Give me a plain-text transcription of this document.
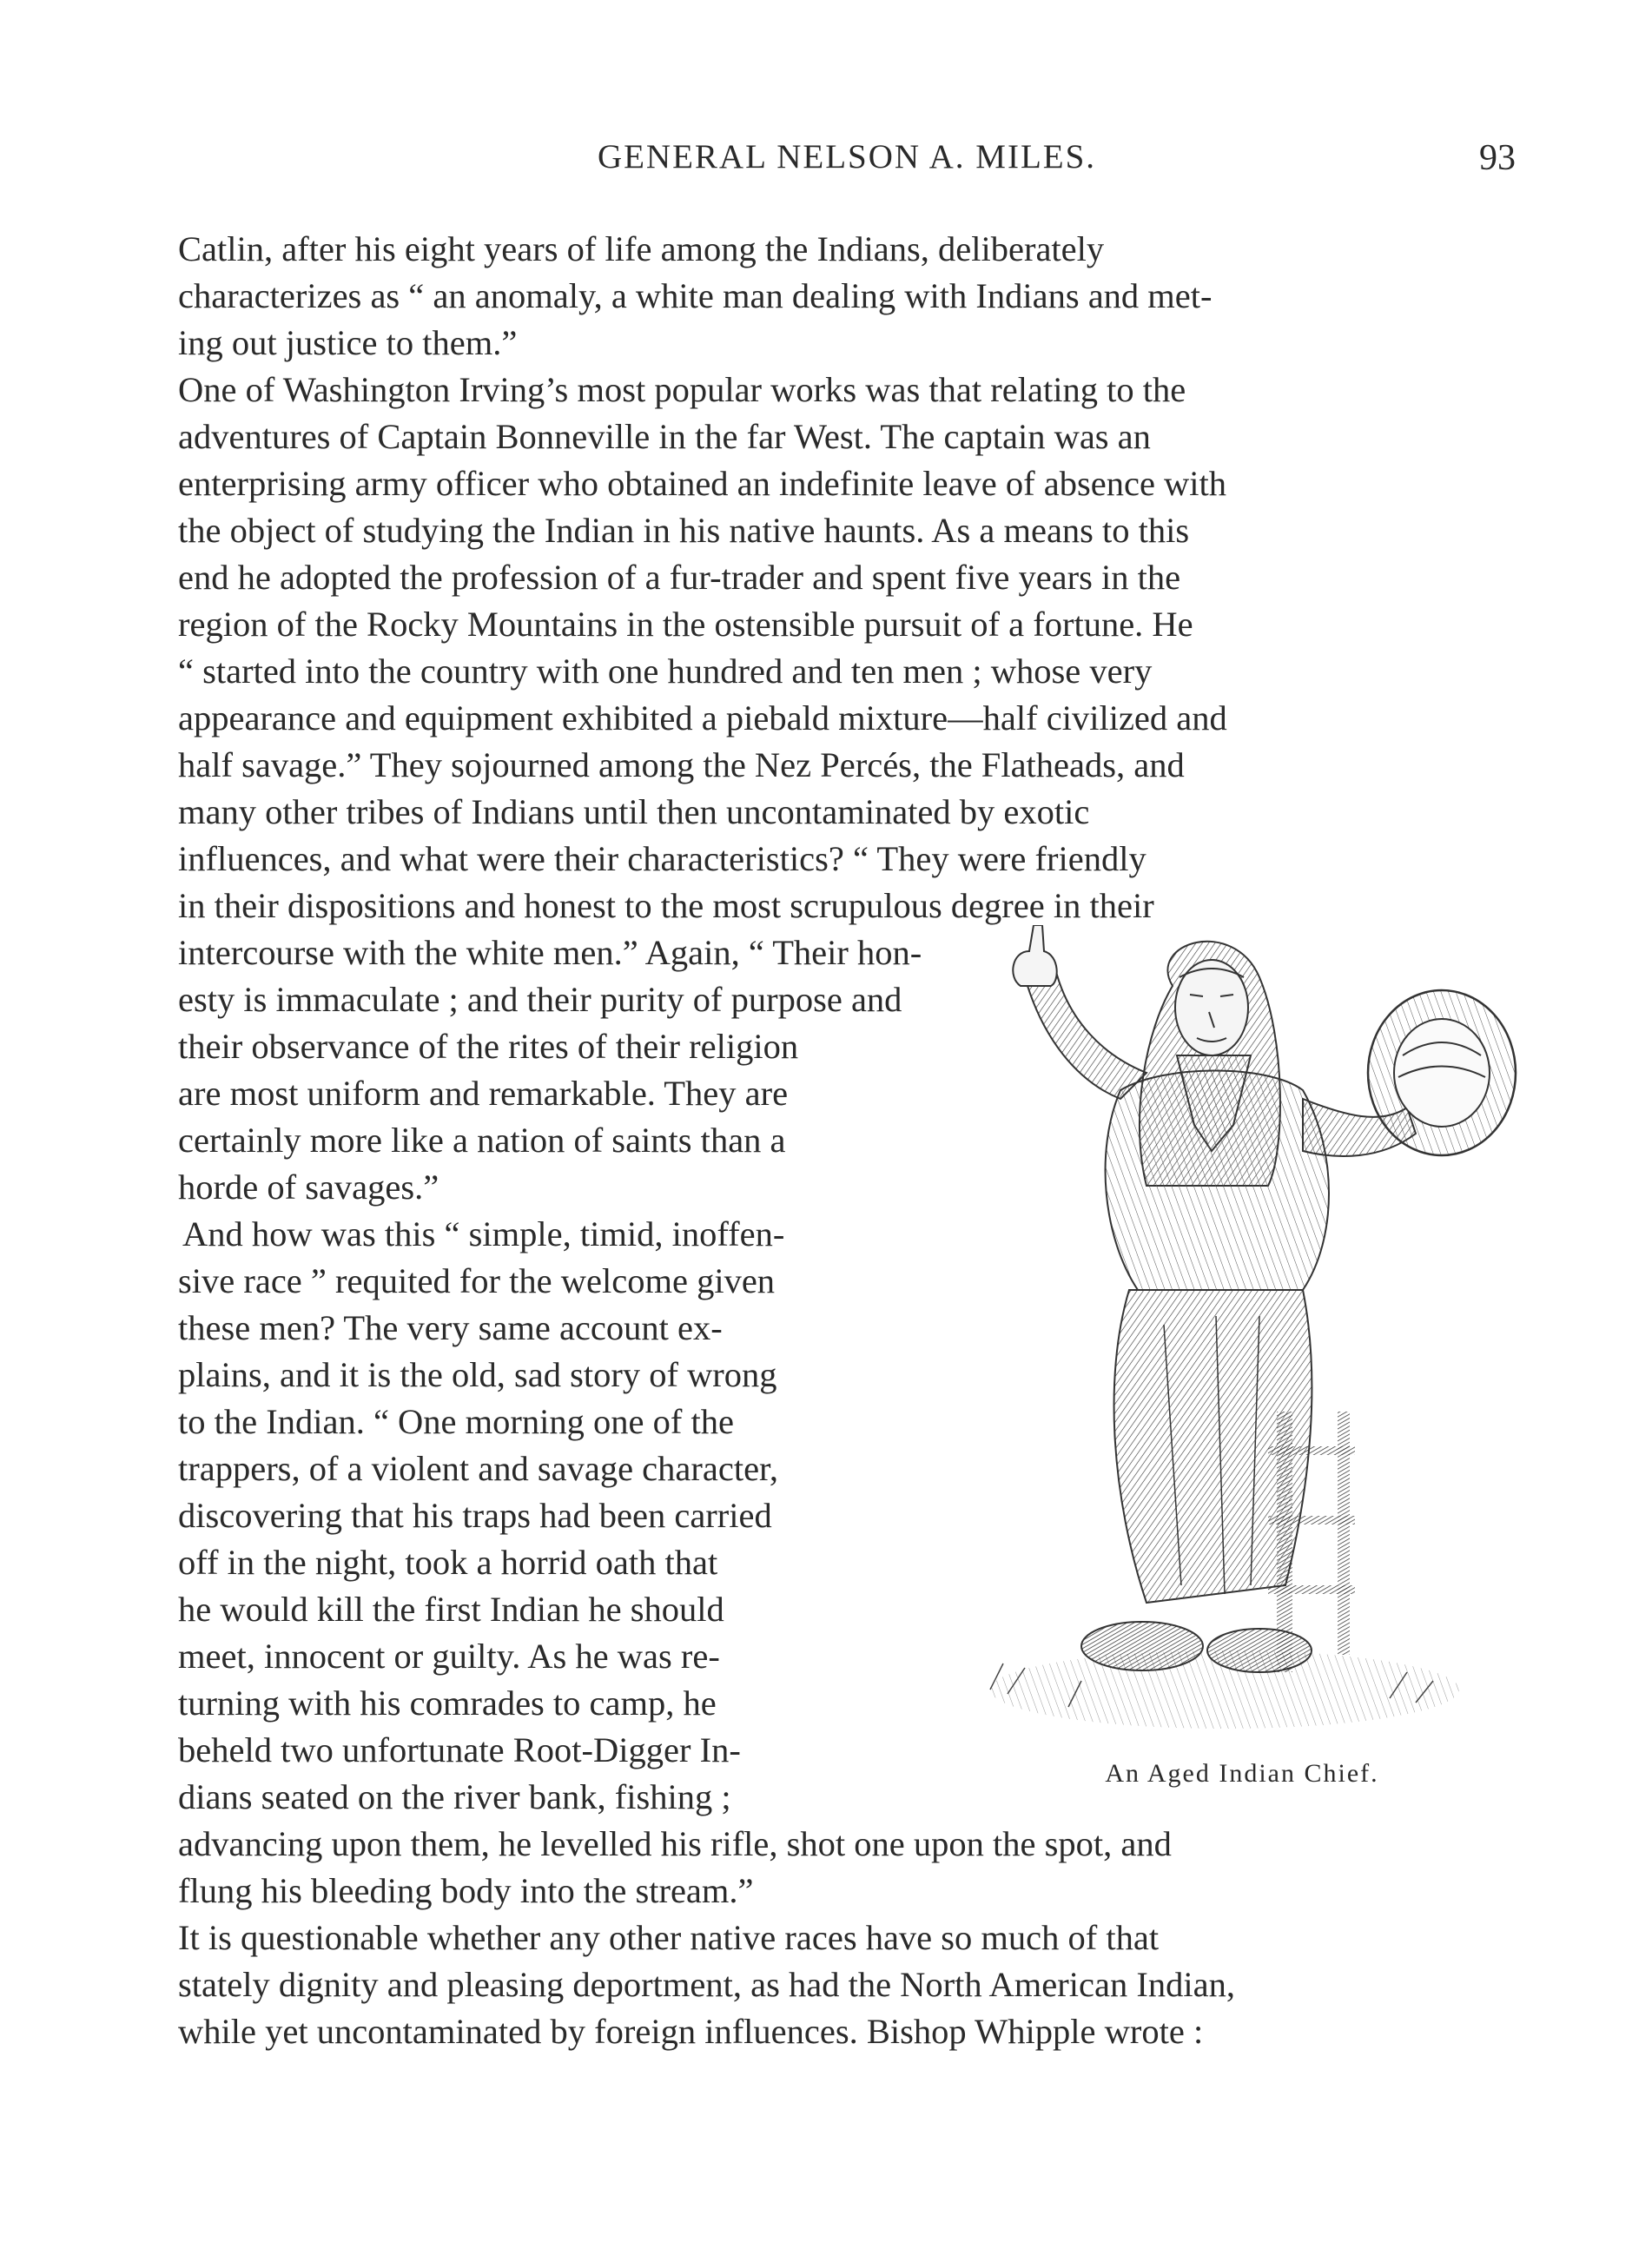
GENERAL NELSON A. MILES.	93
Catlin, after his eight years of life among the Indians, deliberately
characterizes as “ an anomaly, a white man dealing with Indians and met-
ing out justice to them.”
One of Washington Irving’s most popular works was that relating to the
adventures of Captain Bonneville in the far West. The captain was an
enterprising army officer who obtained an indefinite leave of absence with
the object of studying the Indian in his native haunts. As a means to this
end he adopted the profession of a fur-trader and spent five years in the
region of the Rocky Mountains in the ostensible pursuit of a fortune. He
“ started into the country with one hundred and ten men ; whose very
appearance and equipment exhibited a piebald mixture—half civilized and
half savage.” They sojourned among the Nez Percés, the Flatheads, and
many other tribes of Indians until then uncontaminated by exotic
influences, and what were their characteristics? “ They were friendly
in their dispositions and honest to the most scrupulous degree in their
intercourse with the white men.” Again, “ Their hon-
esty is immaculate ; and their purity of purpose and
their observance of the rites of their religion
are most uniform and remarkable. They are
certainly more like a nation of saints than a
horde of savages.”
And how was this “ simple, timid, inoffen-
sive race ” requited for the welcome given
these men? The very same account ex-
plains, and it is the old, sad story of wrong
to the Indian. “ One morning one of the
trappers, of a violent and savage character,
discovering that his traps had been carried
off in the night, took a horrid oath that
he would kill the first Indian he should
meet, innocent or guilty. As he was re-
turning with his comrades to camp, he
beheld two unfortunate Root-Digger In-
dians seated on the river bank, fishing ;
advancing upon them, he levelled his rifle, shot one upon the spot, and
flung his bleeding body into the stream.”
It is questionable whether any other native races have so much of that
stately dignity and pleasing deportment, as had the North American Indian,
while yet uncontaminated by foreign influences. Bishop Whipple wrote :
An Aged Indian Chief.
